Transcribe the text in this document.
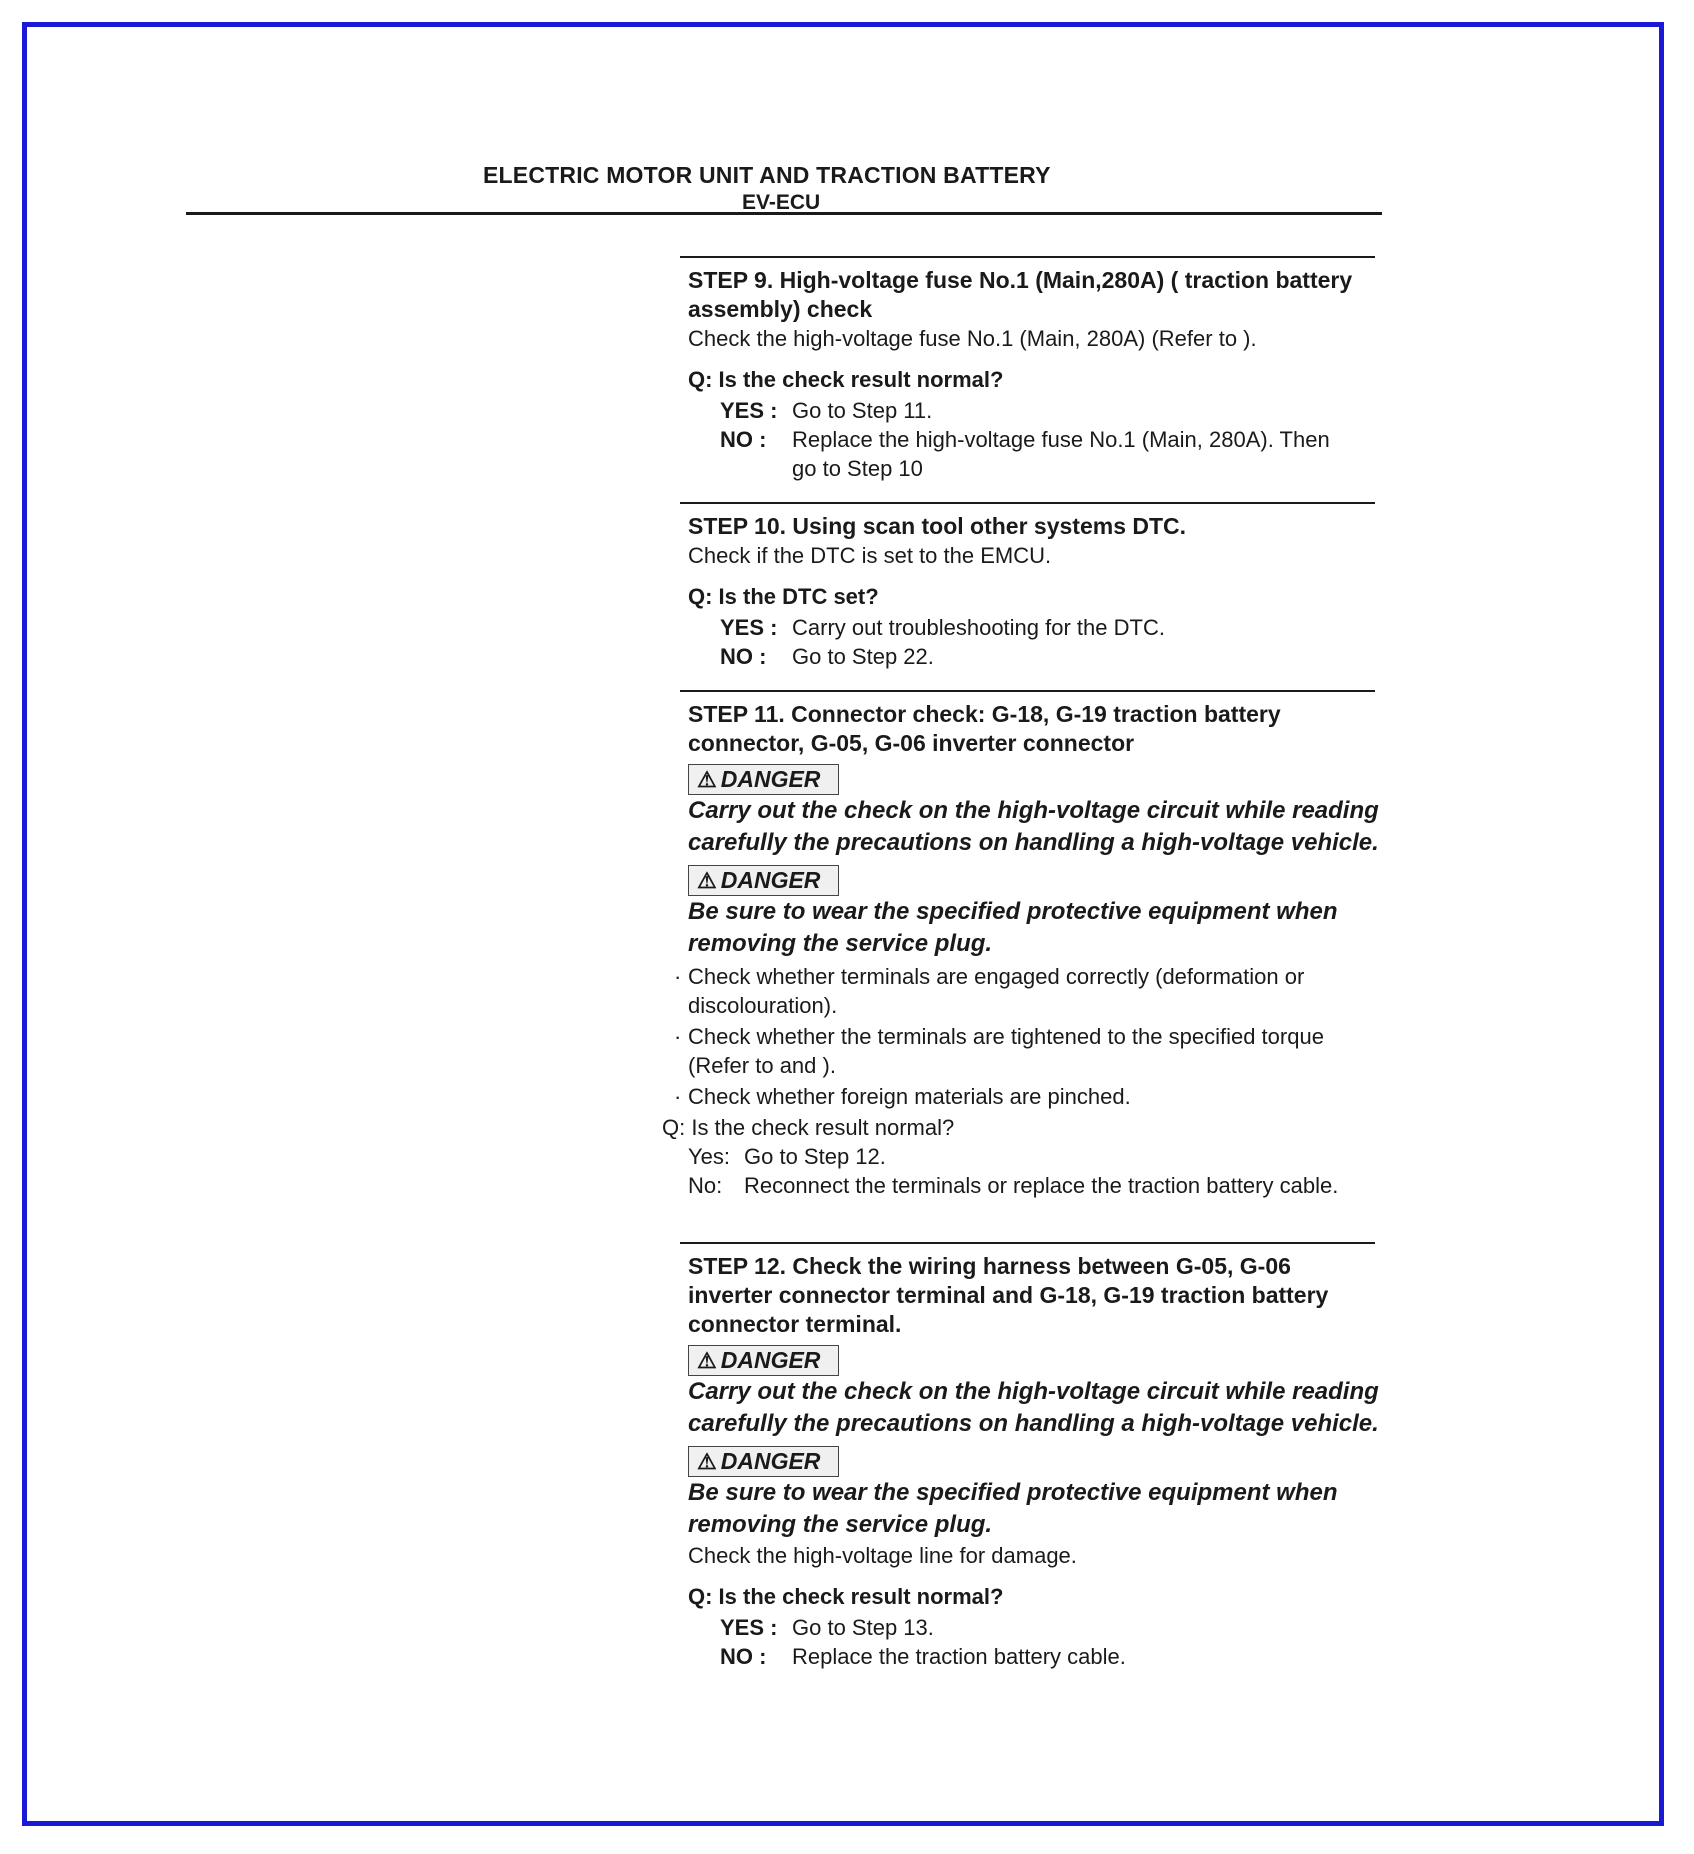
ELECTRIC MOTOR UNIT AND TRACTION BATTERY
EV-ECU
STEP 9. High-voltage fuse No.1 (Main,280A) ( traction battery assembly) check
Check the high-voltage fuse No.1 (Main, 280A) (Refer to ).
Q: Is the check result normal?
YES : Go to Step 11.
NO :	Replace the high-voltage fuse No.1 (Main, 280A). Then go to Step 10
STEP 10. Using scan tool other systems DTC.
Check if the DTC is set to the EMCU.
Q: Is the DTC set?
YES : Carry out troubleshooting for the DTC.
NO :	Go to Step 22.
STEP 11. Connector check: G-18, G-19 traction battery connector, G-05, G-06 inverter connector
⚠ DANGER
Carry out the check on the high-voltage circuit while reading carefully the precautions on handling a high-voltage vehicle.
⚠ DANGER
Be sure to wear the specified protective equipment when removing the service plug.
· Check whether terminals are engaged correctly (deformation or discolouration).
· Check whether the terminals are tightened to the specified torque (Refer to and ).
· Check whether foreign materials are pinched.
Q: Is the check result normal?
Yes: Go to Step 12.
No: Reconnect the terminals or replace the traction battery cable.
STEP 12. Check the wiring harness between G-05, G-06 inverter connector terminal and G-18, G-19 traction battery connector terminal.
⚠ DANGER
Carry out the check on the high-voltage circuit while reading carefully the precautions on handling a high-voltage vehicle.
⚠ DANGER
Be sure to wear the specified protective equipment when removing the service plug.
Check the high-voltage line for damage.
Q: Is the check result normal?
YES : Go to Step 13.
NO :	Replace the traction battery cable.
